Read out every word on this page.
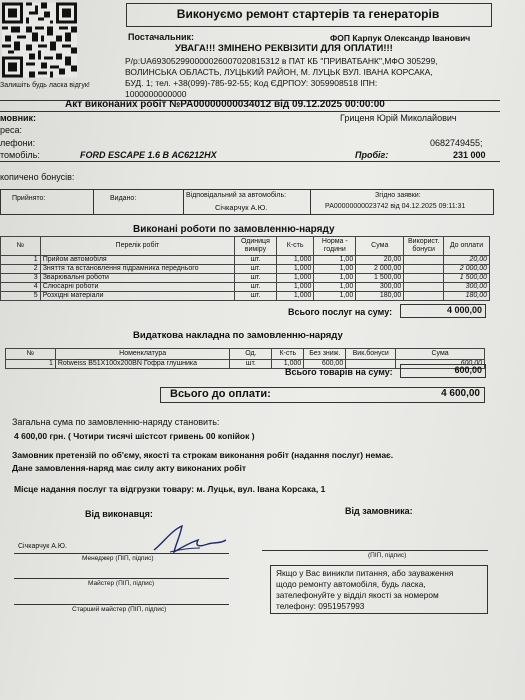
Залишіть будь ласка відгук!
Виконуємо ремонт стартерів та генераторів
Постачальник:	ФОП Карпук Олександр Іванович
УВАГА!!! ЗМІНЕНО РЕКВІЗИТИ ДЛЯ ОПЛАТИ!!!
Р/р:UA693052990000026007020815312 в ПАТ КБ "ПРИВАТБАНК",МФО 305299,
ВОЛИНСЬКА ОБЛАСТЬ, ЛУЦЬКИЙ РАЙОН, М. ЛУЦЬК ВУЛ. ІВАНА КОРСАКА,
БУД. 1; тел. +38(099)-785-92-55; Код ЄДРПОУ: 3059908518 ІПН:
1000000000000
Акт виконаних робіт №РА00000000034012 від 09.12.2025 00:00:00
мовник:	Гриценя Юрій Миколайович
реса:
лефони:	0682749455;
томобіль:	FORD ESCAPE 1.6 В АС6212НХ	Пробіг:	231 000
копичено бонусів:
Прийнято:	Видано:	Відповідальний за автомобіль:
Січкарчук А.Ю.
Згідно заявки:
РА00000000023742 від 04.12.2025 09:11:31
Виконані роботи по замовленню-наряду
№	Перелік робіт	Одиниця виміру	К-сть	Норма - години	Сума	Використ. бонуси	До оплати
1	Прийом автомобіля	шт.	1,000	1,00	20,00		20,00
2	Зняття та встановлення підрамника переднього	шт.	1,000	1,00	2 000,00		2 000,00
3	Зварювальні роботи	шт.	1,000	1,00	1 500,00		1 500,00
4	Слюсарні роботи	шт.	1,000	1,00	300,00		300,00
5	Розхідні матеріали	шт.	1,000	1,00	180,00		180,00
Всього послуг на суму:	4 000,00
Видаткова накладна по замовленню-наряду
№	Номенклатура	Од.	К-сть	Без зниж.	Вик.бонуси	Сума
1	Rotweiss B51X100x200BN Гофра глушника	шт.	1,000	600,00		600,00
Всього товарів на суму:	600,00
Всього до оплати:	4 600,00
Загальна сума по замовленню-наряду становить:
4 600,00 грн. ( Чотири тисячі шістсот гривень 00 копійок )
Замовник претензій по об'єму, якості та строкам виконання робіт (надання послуг) немає.
Дане замовлення-наряд має силу акту виконаних робіт
Місце надання послуг та відгрузки товару: м. Луцьк, вул. Івана Корсака, 1
Від виконавця:	Від замовника:
Січкарчук А.Ю.
Менеджер (ПІП, підпис)
Майстер (ПІП, підпис)
Старший майстер (ПІП, підпис)
(ПІП, підпис)
Якщо у Вас виникли питання, або зауваження
щодо ремонту автомобіля, будь ласка,
зателефонуйте у відділ якості за номером
телефону: 0951957993
